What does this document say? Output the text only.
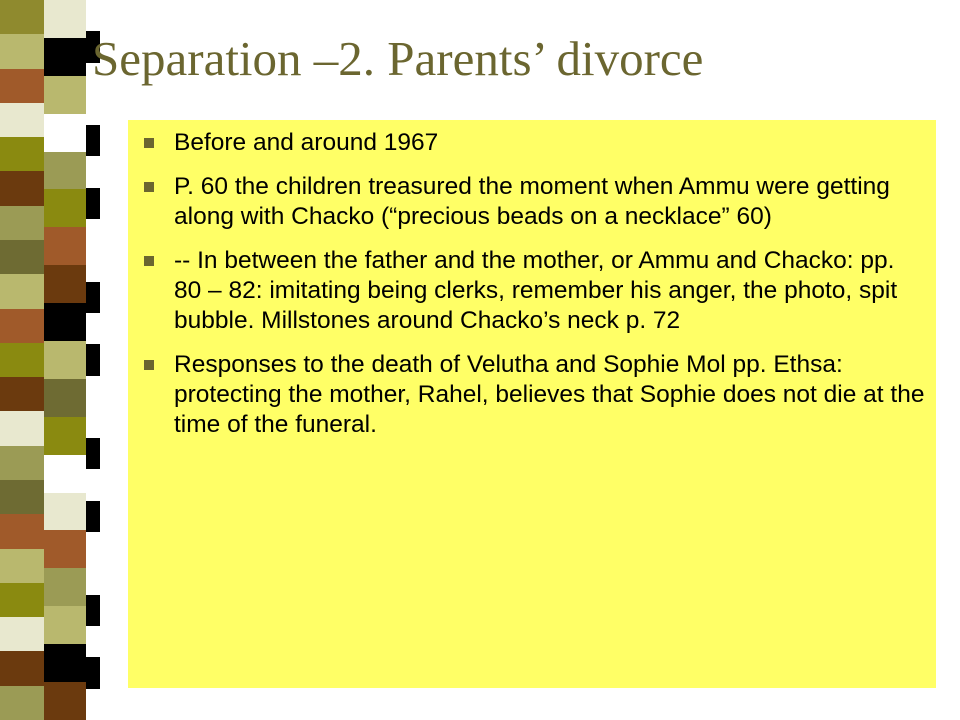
Separation –2. Parents’ divorce
Before and around 1967
P. 60 the children treasured the moment when Ammu were getting along with Chacko (“precious beads on a necklace” 60)
-- In between the father and the mother, or Ammu and Chacko: pp. 80 – 82: imitating being clerks, remember his anger, the photo, spit bubble. Millstones around Chacko’s neck p. 72
Responses to the death of Velutha and Sophie Mol pp. Ethsa: protecting the mother, Rahel, believes that Sophie does not die at the time of the funeral.
